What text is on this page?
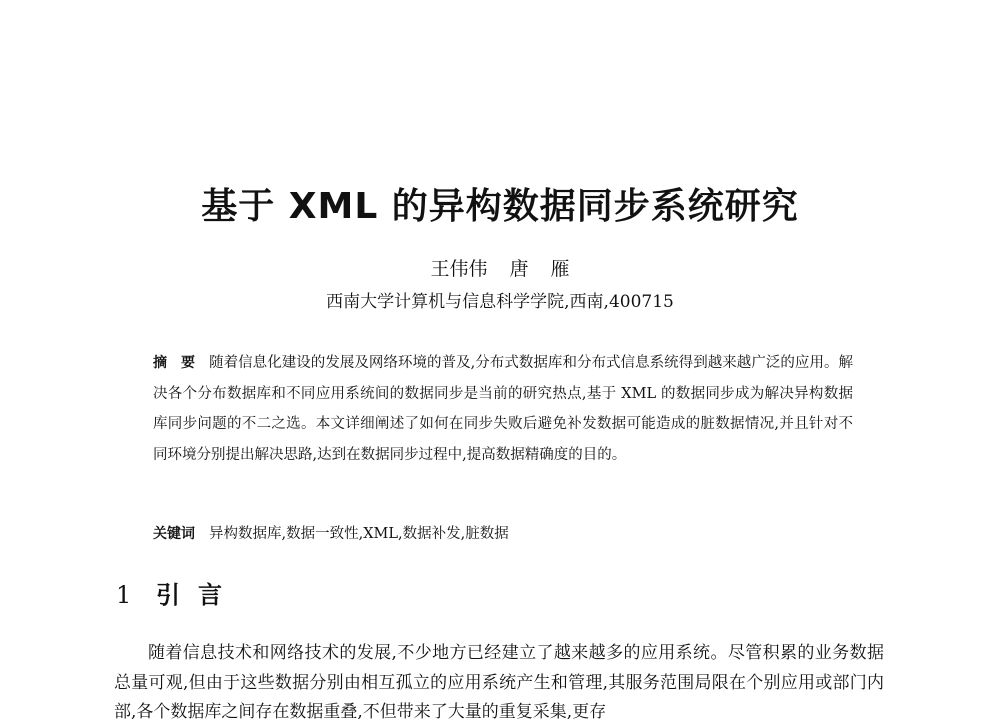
基于 XML 的异构数据同步系统研究
王伟伟 唐 雁
西南大学计算机与信息科学学院,西南,400715
摘　要 随着信息化建设的发展及网络环境的普及,分布式数据库和分布式信息系统得到越来越广泛的应用。解决各个分布数据库和不同应用系统间的数据同步是当前的研究热点,基于 XML 的数据同步成为解决异构数据库同步问题的不二之选。本文详细阐述了如何在同步失败后避免补发数据可能造成的脏数据情况,并且针对不同环境分别提出解决思路,达到在数据同步过程中,提高数据精确度的目的。
关键词 异构数据库,数据一致性,XML,数据补发,脏数据
1 引言
随着信息技术和网络技术的发展,不少地方已经建立了越来越多的应用系统。尽管积累的业务数据总量可观,但由于这些数据分别由相互孤立的应用系统产生和管理,其服务范围局限在个别应用或部门内部,各个数据库之间存在数据重叠,不但带来了大量的重复采集,更存
